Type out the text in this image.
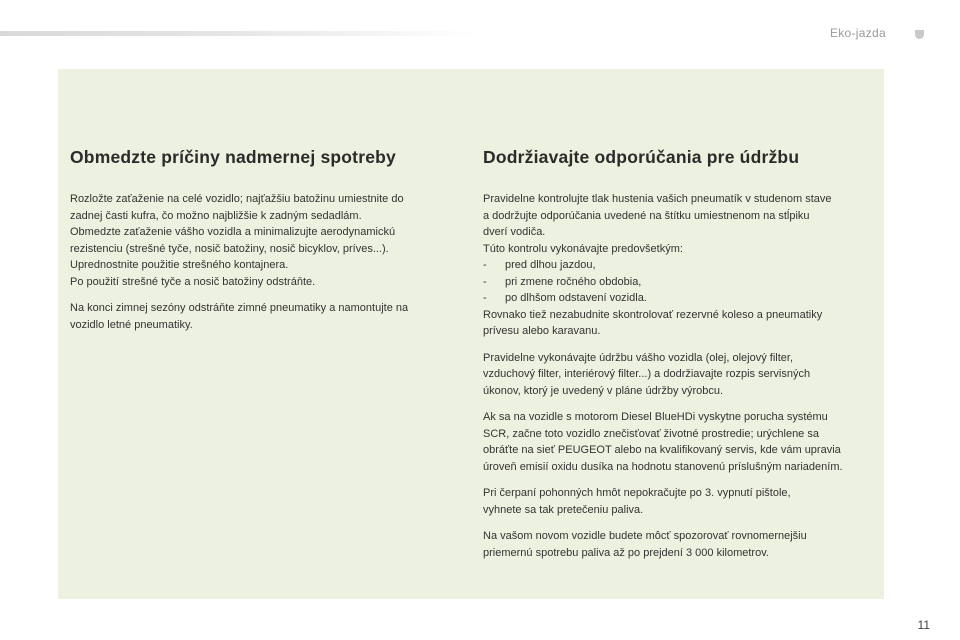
Eko-jazda
Obmedzte príčiny nadmernej spotreby

Rozložte zaťaženie na celé vozidlo; najťažšiu batožinu umiestnite do
zadnej časti kufra, čo možno najbližšie k zadným sedadlám.
Obmedzte zaťaženie vášho vozidla a minimalizujte aerodynamickú
rezistenciu (strešné tyče, nosič batožiny, nosič bicyklov, príves...).
Uprednostnite použitie strešného kontajnera.
Po použití strešné tyče a nosič batožiny odstráňte.

Na konci zimnej sezóny odstráňte zimné pneumatiky a namontujte na
vozidlo letné pneumatiky.

Dodržiavajte odporúčania pre údržbu

Pravidelne kontrolujte tlak hustenia vašich pneumatík v studenom stave
a dodržujte odporúčania uvedené na štítku umiestnenom na stĺpiku
dverí vodiča.
Túto kontrolu vykonávajte predovšetkým:
- pred dlhou jazdou,
- pri zmene ročného obdobia,
- po dlhšom odstavení vozidla.
Rovnako tiež nezabudnite skontrolovať rezervné koleso a pneumatiky
prívesu alebo karavanu.

Pravidelne vykonávajte údržbu vášho vozidla (olej, olejový filter,
vzduchový filter, interiérový filter...) a dodržiavajte rozpis servisných
úkonov, ktorý je uvedený v pláne údržby výrobcu.

Ak sa na vozidle s motorom Diesel BlueHDi vyskytne porucha systému
SCR, začne toto vozidlo znečisťovať životné prostredie; urýchlene sa
obráťte na sieť PEUGEOT alebo na kvalifikovaný servis, kde vám upravia
úroveň emisií oxidu dusíka na hodnotu stanovenú príslušným nariadením.

Pri čerpaní pohonných hmôt nepokračujte po 3. vypnutí pištole,
vyhnete sa tak pretečeniu paliva.

Na vašom novom vozidle budete môcť spozorovať rovnomernejšiu
priemernú spotrebu paliva až po prejdení 3 000 kilometrov.

11
